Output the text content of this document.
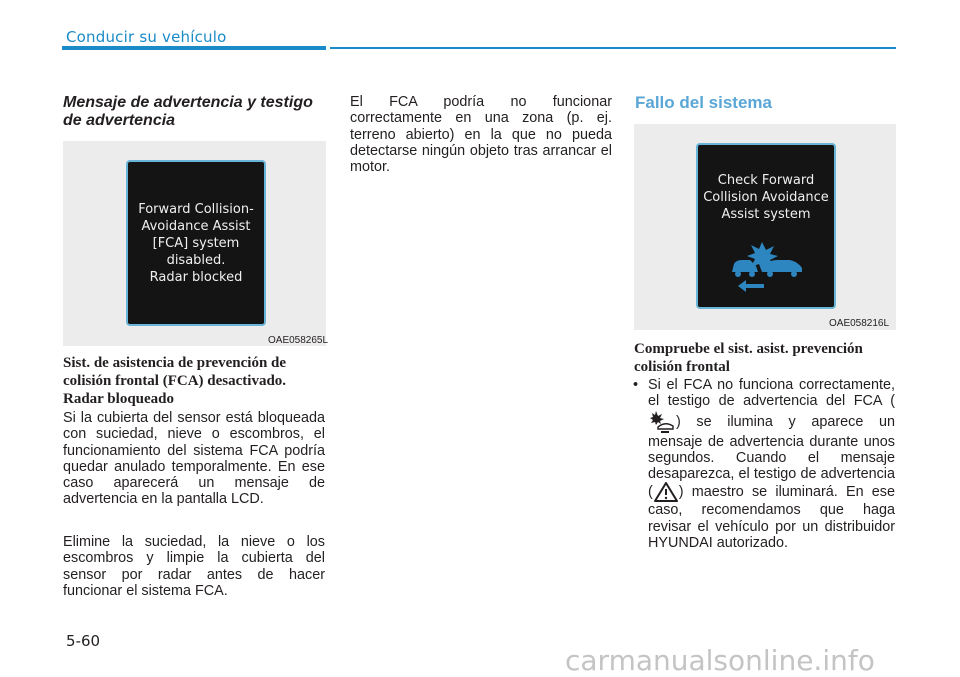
Conducir su vehículo
Mensaje de advertencia y testigo de advertencia
Forward Collision-
Avoidance Assist
[FCA] system
disabled.
Radar blocked
OAE058265L
Sist. de asistencia de prevención de colisión frontal (FCA) desactivado. Radar bloqueado
Si la cubierta del sensor está bloqueada con suciedad, nieve o escombros, el funcionamiento del sistema FCA podría quedar anulado temporalmente. En ese caso aparecerá un mensaje de advertencia en la pantalla LCD.
Elimine la suciedad, la nieve o los escombros y limpie la cubierta del sensor por radar antes de hacer funcionar el sistema FCA.
El FCA podría no funcionar correctamente en una zona (p. ej. terreno abierto) en la que no pueda detectarse ningún objeto tras arrancar el motor.
Fallo del sistema
Check Forward
Collision Avoidance
Assist system
OAE058216L
Compruebe el sist. asist. prevención colisión frontal
• Si el FCA no funciona correctamente, el testigo de advertencia del FCA () se ilumina y aparece un mensaje de advertencia durante unos segundos. Cuando el mensaje desaparezca, el testigo de advertencia ( ) maestro se iluminará. En ese caso, recomendamos que haga revisar el vehículo por un distribuidor HYUNDAI autorizado.
5-60
carmanualsonline.info
